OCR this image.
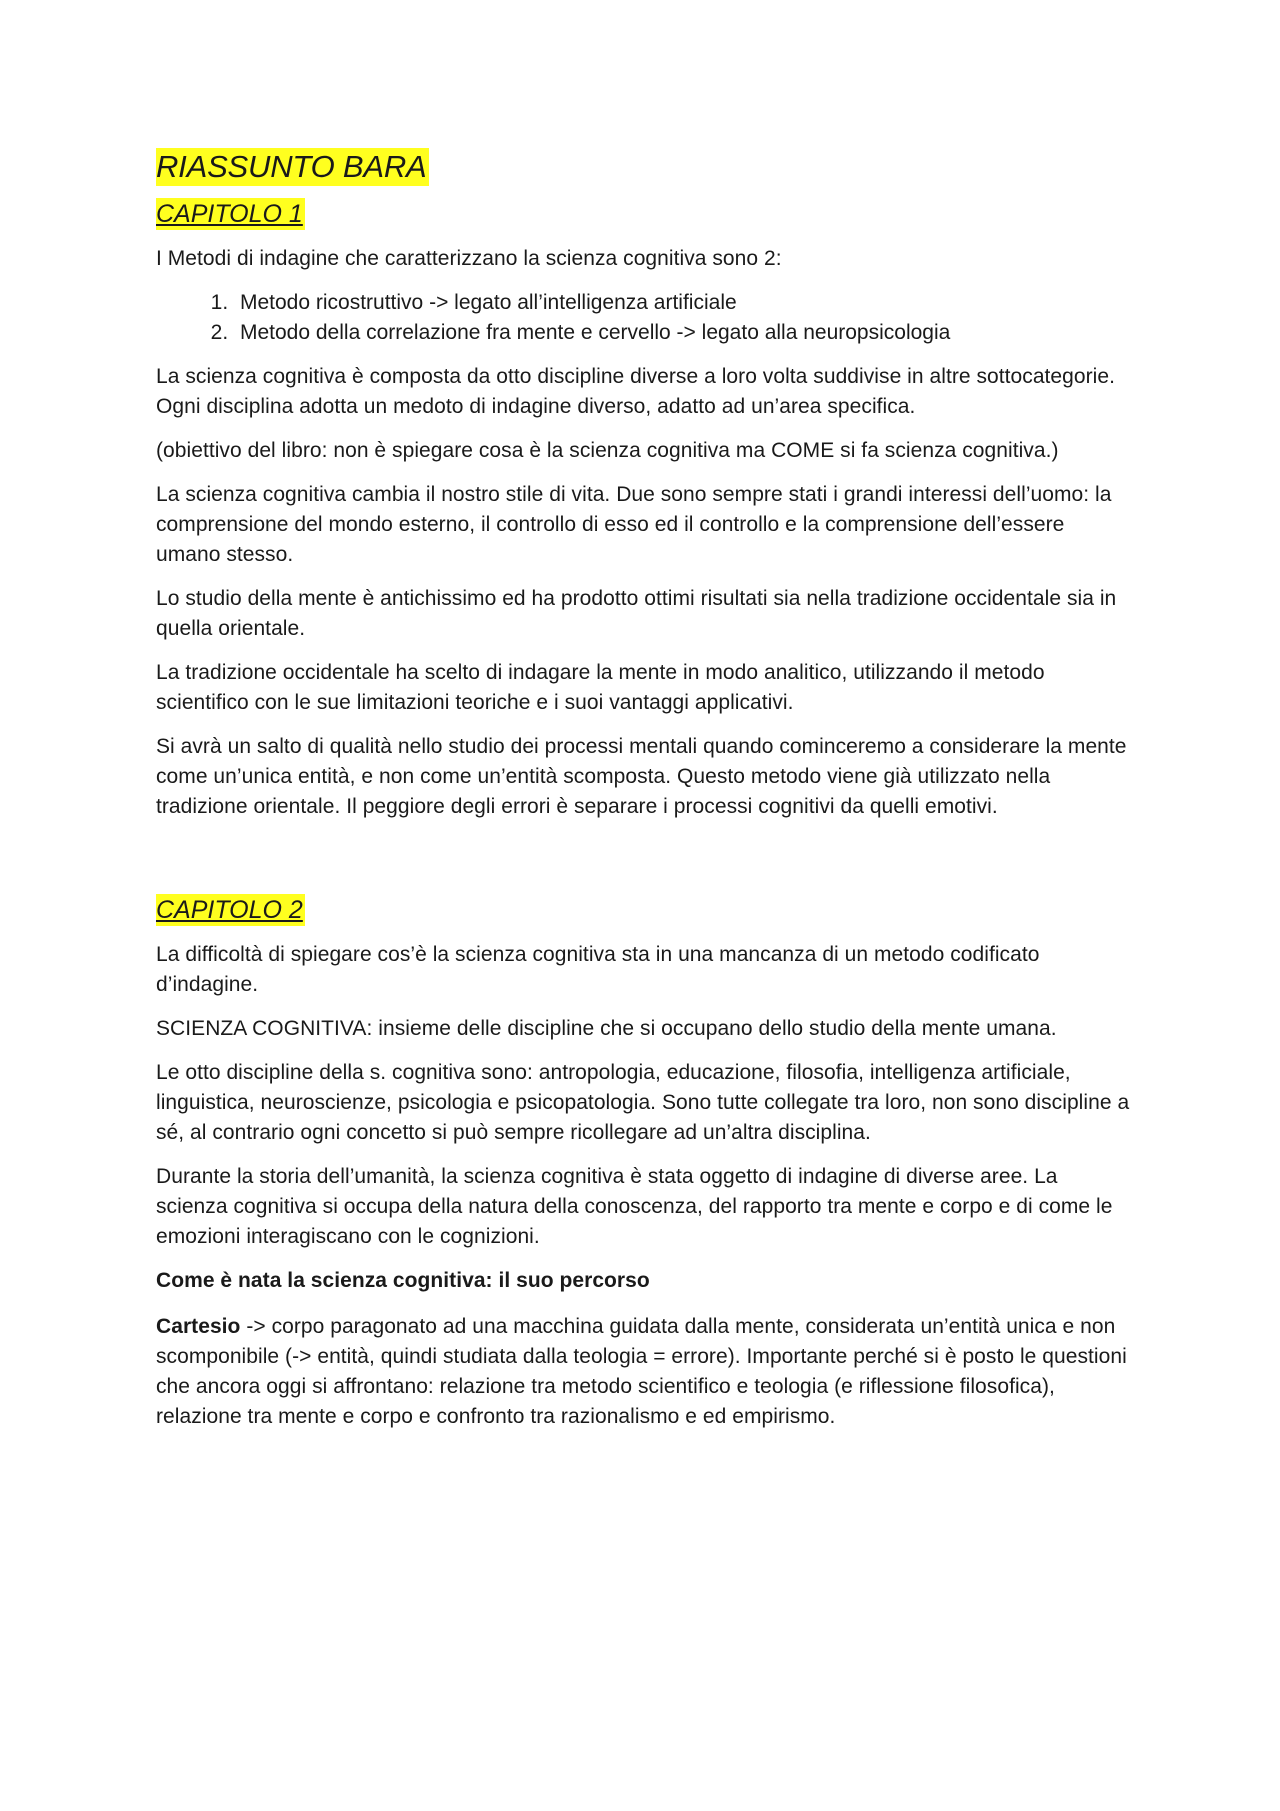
RIASSUNTO BARA
CAPITOLO 1

I Metodi di indagine che caratterizzano la scienza cognitiva sono 2:

1. Metodo ricostruttivo -> legato all’intelligenza artificiale
2. Metodo della correlazione fra mente e cervello -> legato alla neuropsicologia

La scienza cognitiva è composta da otto discipline diverse a loro volta suddivise in altre sottocategorie. Ogni disciplina adotta un medoto di indagine diverso, adatto ad un’area specifica.

(obiettivo del libro: non è spiegare cosa è la scienza cognitiva ma COME si fa scienza cognitiva.)

La scienza cognitiva cambia il nostro stile di vita. Due sono sempre stati i grandi interessi dell’uomo: la comprensione del mondo esterno, il controllo di esso ed il controllo e la comprensione dell’essere umano stesso.

Lo studio della mente è antichissimo ed ha prodotto ottimi risultati sia nella tradizione occidentale sia in quella orientale.

La tradizione occidentale ha scelto di indagare la mente in modo analitico, utilizzando il metodo scientifico con le sue limitazioni teoriche e i suoi vantaggi applicativi.

Si avrà un salto di qualità nello studio dei processi mentali quando cominceremo a considerare la mente come un’unica entità, e non come un’entità scomposta. Questo metodo viene già utilizzato nella tradizione orientale. Il peggiore degli errori è separare i processi cognitivi da quelli emotivi.

CAPITOLO 2

La difficoltà di spiegare cos’è la scienza cognitiva sta in una mancanza di un metodo codificato d’indagine.

SCIENZA COGNITIVA: insieme delle discipline che si occupano dello studio della mente umana.

Le otto discipline della s. cognitiva sono: antropologia, educazione, filosofia, intelligenza artificiale, linguistica, neuroscienze, psicologia e psicopatologia. Sono tutte collegate tra loro, non sono discipline a sé, al contrario ogni concetto si può sempre ricollegare ad un’altra disciplina.

Durante la storia dell’umanità, la scienza cognitiva è stata oggetto di indagine di diverse aree. La scienza cognitiva si occupa della natura della conoscenza, del rapporto tra mente e corpo e di come le emozioni interagiscano con le cognizioni.

Come è nata la scienza cognitiva: il suo percorso

Cartesio -> corpo paragonato ad una macchina guidata dalla mente, considerata un’entità unica e non scomponibile (-> entità, quindi studiata dalla teologia = errore). Importante perché si è posto le questioni che ancora oggi si affrontano: relazione tra metodo scientifico e teologia (e riflessione filosofica), relazione tra mente e corpo e confronto tra razionalismo e ed empirismo.
